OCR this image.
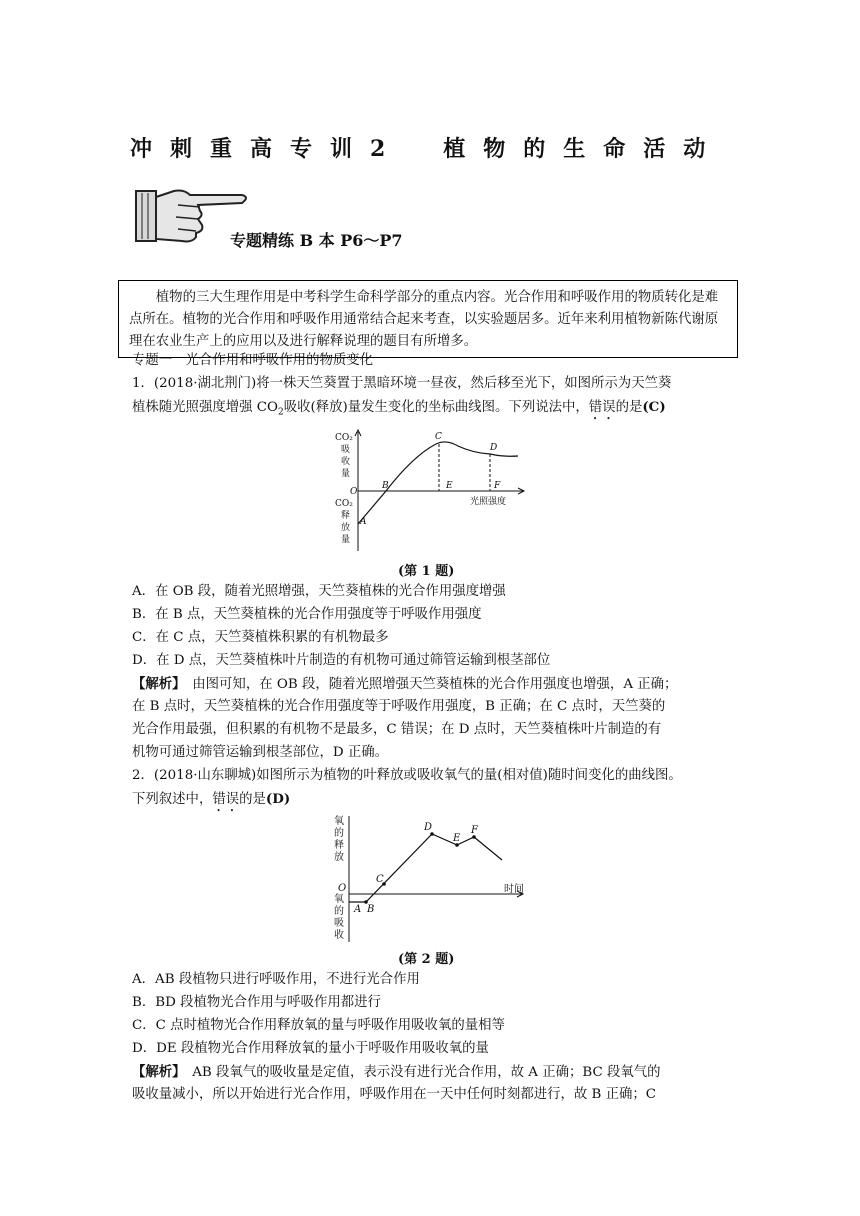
冲刺重高专训2　植物的生命活动
专题精练 B 本 P6～P7
植物的三大生理作用是中考科学生命科学部分的重点内容。光合作用和呼吸作用的物质转化是难点所在。植物的光合作用和呼吸作用通常结合起来考查，以实验题居多。近年来利用植物新陈代谢原理在农业生产上的应用以及进行解释说理的题目有所增多。
专题一　光合作用和呼吸作用的物质变化
1．(2018·湖北荆门)将一株天竺葵置于黑暗环境一昼夜，然后移至光下，如图所示为天竺葵
植株随光照强度增强 $CO_2$吸收(释放)量发生变化的坐标曲线图。下列说法中，错误的是(C)
CO₂
吸
收
量
CO₂
释
放
量
光照强度
O
A
B
C
D
E	F
(第 1 题)
A．在 OB 段，随着光照增强，天竺葵植株的光合作用强度增强
B．在 B 点，天竺葵植株的光合作用强度等于呼吸作用强度
C．在 C 点，天竺葵植株积累的有机物最多
D．在 D 点，天竺葵植株叶片制造的有机物可通过筛管运输到根茎部位
【解析】　由图可知，在 OB 段，随着光照增强天竺葵植株的光合作用强度也增强，A 正确；
在 B 点时，天竺葵植株的光合作用强度等于呼吸作用强度，B 正确；在 C 点时，天竺葵的
光合作用最强，但积累的有机物不是最多，C 错误；在 D 点时，天竺葵植株叶片制造的有
机物可通过筛管运输到根茎部位，D 正确。
2．(2018·山东聊城)如图所示为植物的叶释放或吸收氧气的量(相对值)随时间变化的曲线图。
下列叙述中，错误的是(D)
氧
的
释
放
氧
的
吸
收
时间
O
A B
C
D
E
F
(第 2 题)
A．AB 段植物只进行呼吸作用，不进行光合作用
B．BD 段植物光合作用与呼吸作用都进行
C．C 点时植物光合作用释放氧的量与呼吸作用吸收氧的量相等
D．DE 段植物光合作用释放氧的量小于呼吸作用吸收氧的量
【解析】　AB 段氧气的吸收量是定值，表示没有进行光合作用，故 A 正确；BC 段氧气的
吸收量减小，所以开始进行光合作用，呼吸作用在一天中任何时刻都进行，故 B 正确；C
